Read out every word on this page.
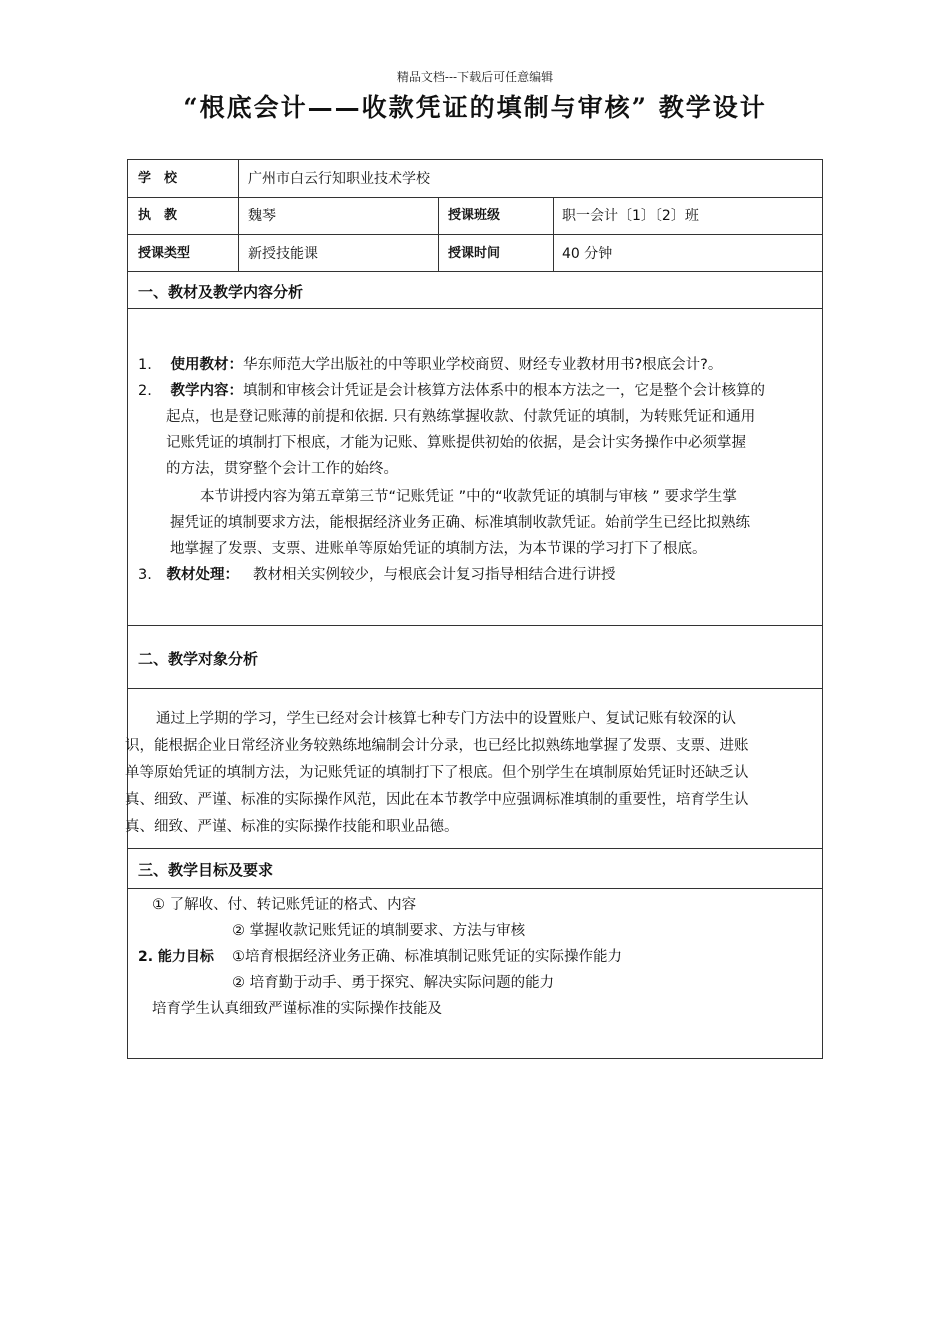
精品文档---下载后可任意编辑
“根底会计——收款凭证的填制与审核” 教学设计
学　校	广州市白云行知职业技术学校
执　教	魏琴	授课班级	职一会计〔1〕〔2〕班
授课类型	新授技能课	授课时间	40 分钟
一、教材及教学内容分析
1. 使用教材：华东师范大学出版社的中等职业学校商贸、财经专业教材用书?根底会计?。
2. 教学内容：填制和审核会计凭证是会计核算方法体系中的根本方法之一，它是整个会计核算的
起点，也是登记账薄的前提和依据. 只有熟练掌握收款、付款凭证的填制，为转账凭证和通用
记账凭证的填制打下根底，才能为记账、算账提供初始的依据，是会计实务操作中必须掌握
的方法，贯穿整个会计工作的始终。
本节讲授内容为第五章第三节“记账凭证 ”中的“收款凭证的填制与审核 ” 要求学生掌
握凭证的填制要求方法，能根据经济业务正确、标准填制收款凭证。始前学生已经比拟熟练
地掌握了发票、支票、进账单等原始凭证的填制方法，为本节课的学习打下了根底。
3. 教材处理： 教材相关实例较少，与根底会计复习指导相结合进行讲授
二、教学对象分析
通过上学期的学习，学生已经对会计核算七种专门方法中的设置账户、复试记账有较深的认
识，能根据企业日常经济业务较熟练地编制会计分录，也已经比拟熟练地掌握了发票、支票、进账
单等原始凭证的填制方法，为记账凭证的填制打下了根底。但个别学生在填制原始凭证时还缺乏认
真、细致、严谨、标准的实际操作风范，因此在本节教学中应强调标准填制的重要性，培育学生认
真、细致、严谨、标准的实际操作技能和职业品德。
三、教学目标及要求
① 了解收、付、转记账凭证的格式、内容
② 掌握收款记账凭证的填制要求、方法与审核
2. 能力目标	①培育根据经济业务正确、标准填制记账凭证的实际操作能力
② 培育勤于动手、勇于探究、解决实际问题的能力
培育学生认真细致严谨标准的实际操作技能及
